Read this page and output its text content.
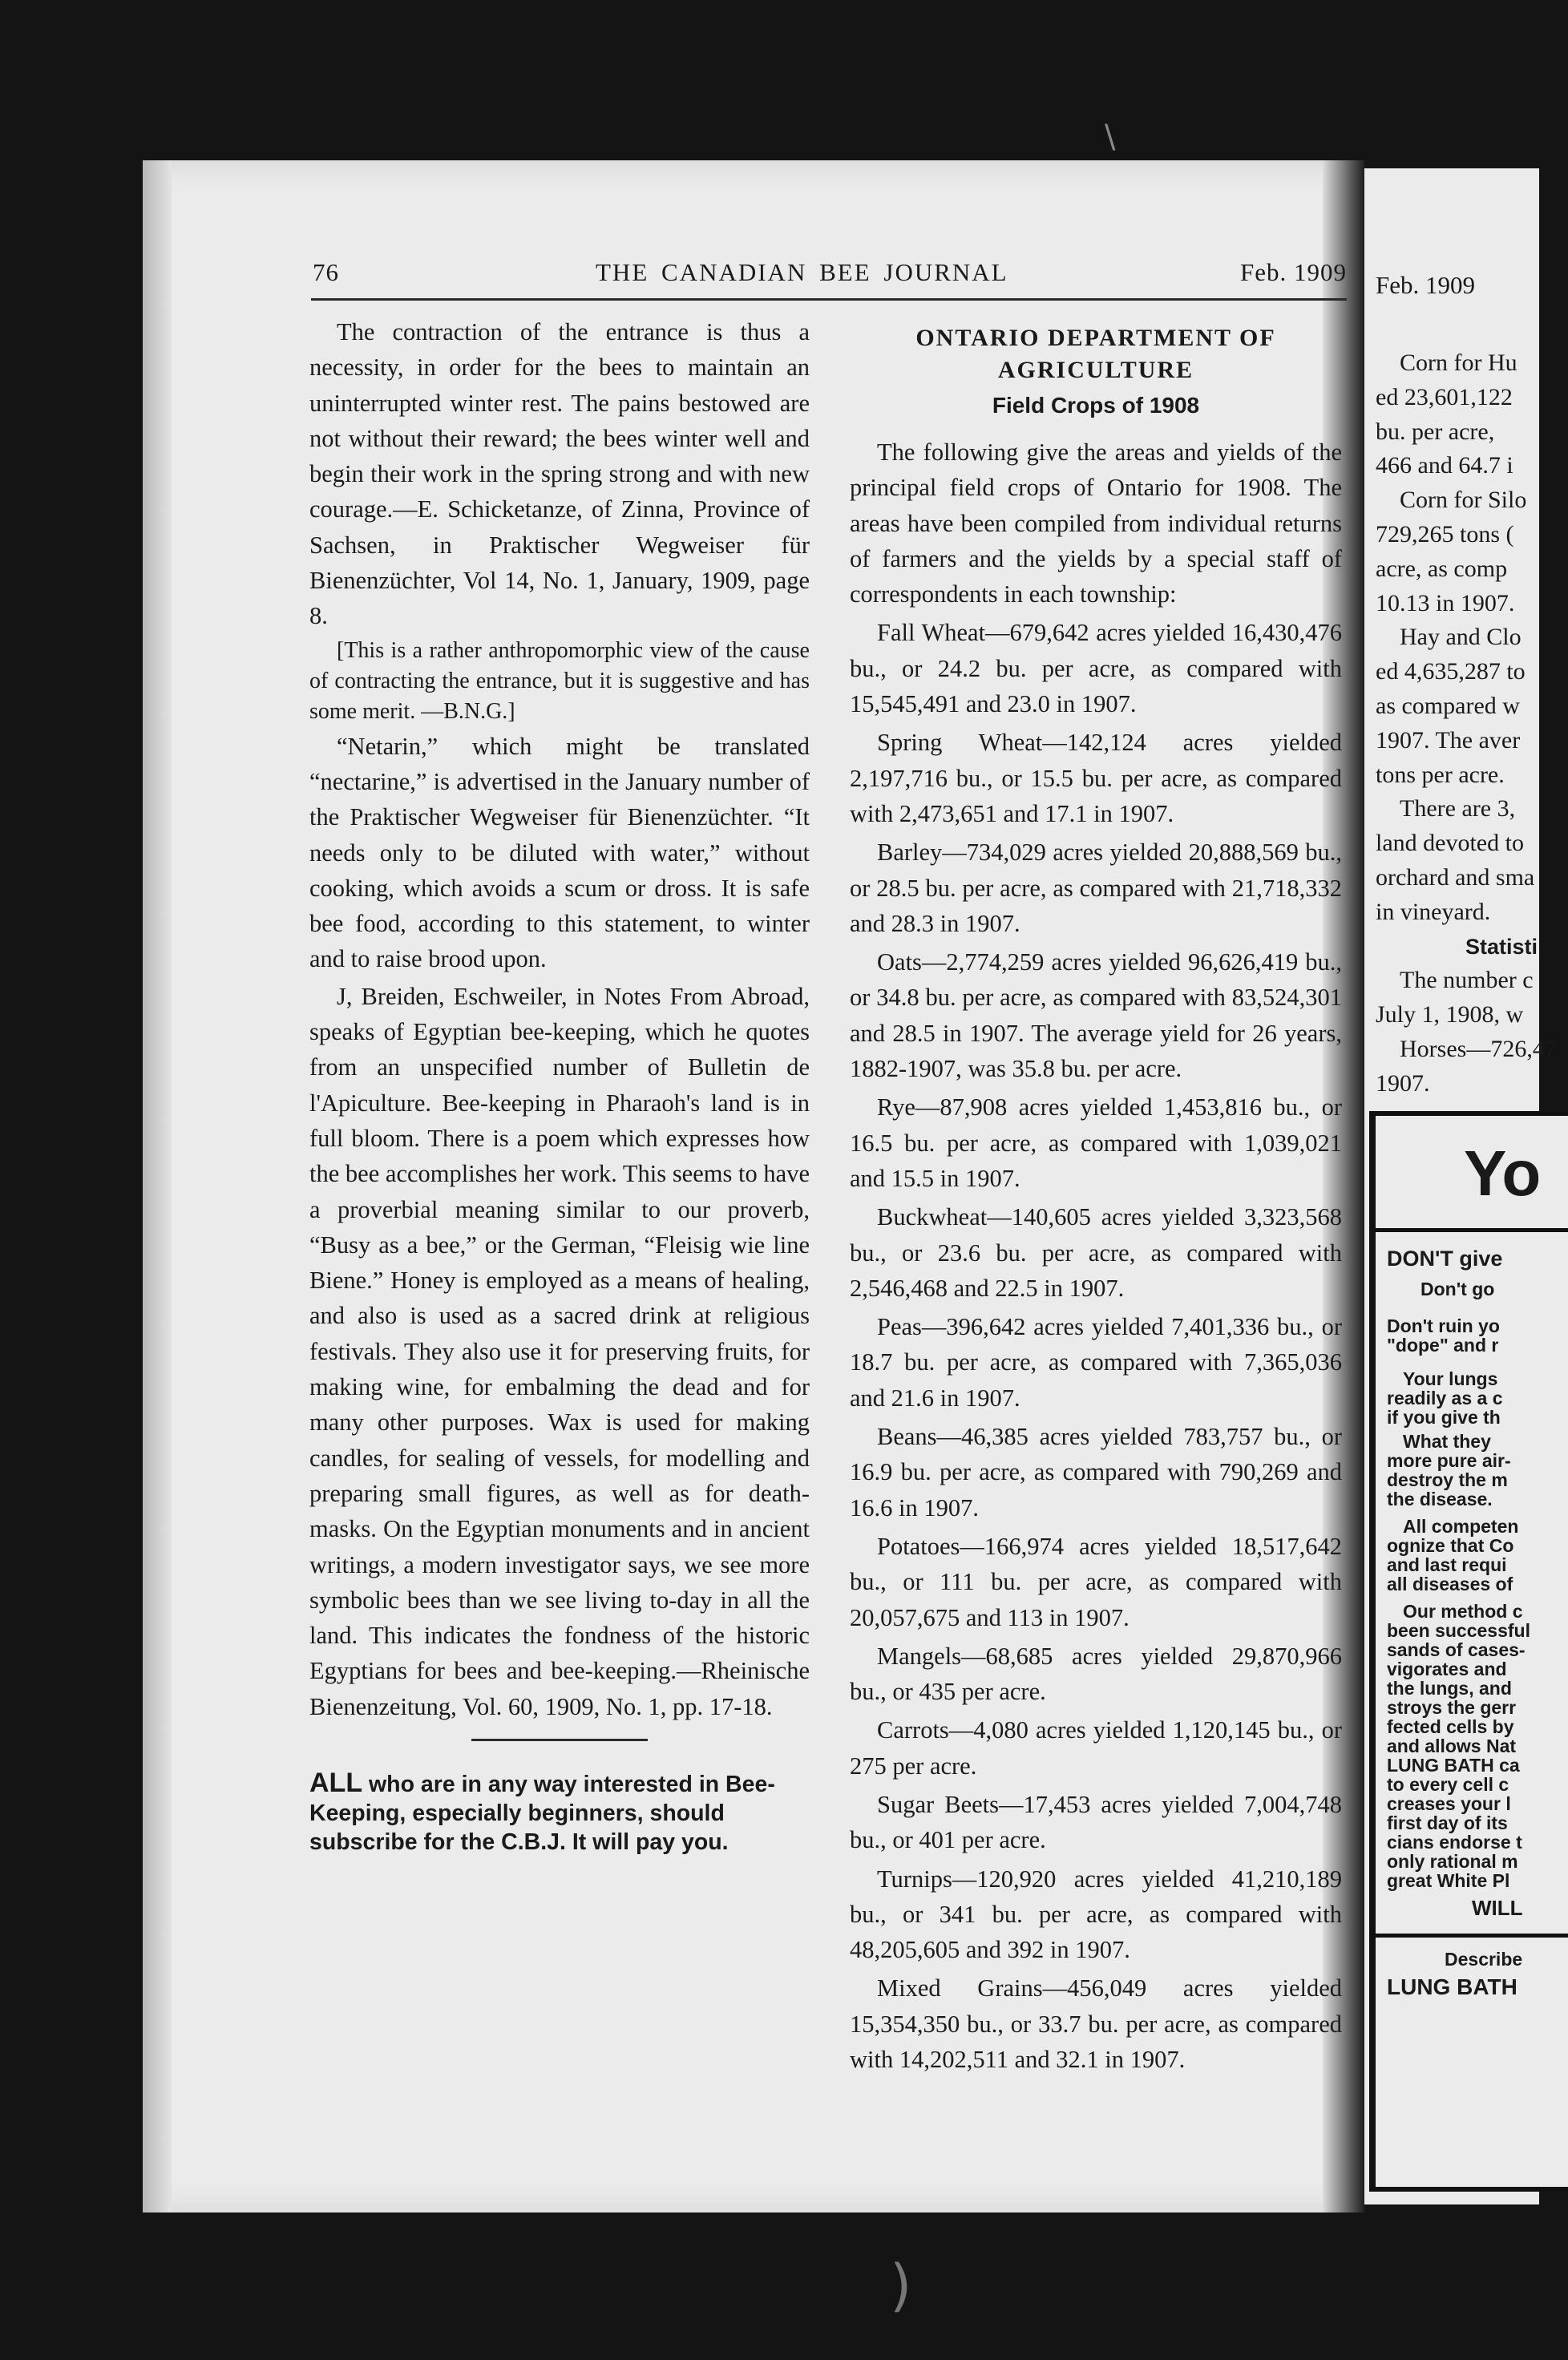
\
)
76	THE CANADIAN BEE JOURNAL	Feb. 1909

The contraction of the entrance is thus a necessity, in order for the bees to maintain an uninterrupted winter rest. The pains bestowed are not without their reward; the bees winter well and begin their work in the spring strong and with new courage.—E. Schicketanze, of Zinna, Province of Sachsen, in Praktischer Wegweiser für Bienenzüchter, Vol 14, No. 1, January, 1909, page 8.

[This is a rather anthropomorphic view of the cause of contracting the entrance, but it is suggestive and has some merit. —B.N.G.]

“Netarin,” which might be translated “nectarine,” is advertised in the January number of the Praktischer Wegweiser für Bienenzüchter. “It needs only to be diluted with water,” without cooking, which avoids a scum or dross. It is safe bee food, according to this statement, to winter and to raise brood upon.

J, Breiden, Eschweiler, in Notes From Abroad, speaks of Egyptian bee-keeping, which he quotes from an unspecified number of Bulletin de l'Apiculture. Bee-keeping in Pharaoh's land is in full bloom. There is a poem which expresses how the bee accomplishes her work. This seems to have a proverbial meaning similar to our proverb, “Busy as a bee,” or the German, “Fleisig wie line Biene.” Honey is employed as a means of healing, and also is used as a sacred drink at religious festivals. They also use it for preserving fruits, for making wine, for embalming the dead and for many other purposes. Wax is used for making candles, for sealing of vessels, for modelling and preparing small figures, as well as for death-masks. On the Egyptian monuments and in ancient writings, a modern investigator says, we see more symbolic bees than we see living to-day in all the land. This indicates the fondness of the historic Egyptians for bees and bee-keeping.—Rheinische Bienenzeitung, Vol. 60, 1909, No. 1, pp. 17-18.

ALL who are in any way interested in Bee-Keeping, especially beginners, should subscribe for the C.B.J. It will pay you.

ONTARIO DEPARTMENT OF AGRICULTURE
Field Crops of 1908

The following give the areas and yields of the principal field crops of Ontario for 1908. The areas have been compiled from individual returns of farmers and the yields by a special staff of correspondents in each township:

Fall Wheat—679,642 acres yielded 16,430,476 bu., or 24.2 bu. per acre, as compared with 15,545,491 and 23.0 in 1907.

Spring Wheat—142,124 acres yielded 2,197,716 bu., or 15.5 bu. per acre, as compared with 2,473,651 and 17.1 in 1907.

Barley—734,029 acres yielded 20,888,569 bu., or 28.5 bu. per acre, as compared with 21,718,332 and 28.3 in 1907.

Oats—2,774,259 acres yielded 96,626,419 bu., or 34.8 bu. per acre, as compared with 83,524,301 and 28.5 in 1907. The average yield for 26 years, 1882-1907, was 35.8 bu. per acre.

Rye—87,908 acres yielded 1,453,816 bu., or 16.5 bu. per acre, as compared with 1,039,021 and 15.5 in 1907.

Buckwheat—140,605 acres yielded 3,323,568 bu., or 23.6 bu. per acre, as compared with 2,546,468 and 22.5 in 1907.

Peas—396,642 acres yielded 7,401,336 bu., or 18.7 bu. per acre, as compared with 7,365,036 and 21.6 in 1907.

Beans—46,385 acres yielded 783,757 bu., or 16.9 bu. per acre, as compared with 790,269 and 16.6 in 1907.

Potatoes—166,974 acres yielded 18,517,642 bu., or 111 bu. per acre, as compared with 20,057,675 and 113 in 1907.

Mangels—68,685 acres yielded 29,870,966 bu., or 435 per acre.

Carrots—4,080 acres yielded 1,120,145 bu., or 275 per acre.

Sugar Beets—17,453 acres yielded 7,004,748 bu., or 401 per acre.

Turnips—120,920 acres yielded 41,210,189 bu., or 341 bu. per acre, as compared with 48,205,605 and 392 in 1907.

Mixed Grains—456,049 acres yielded 15,354,350 bu., or 33.7 bu. per acre, as compared with 14,202,511 and 32.1 in 1907.

Feb. 1909
Corn for Hu
ed 23,601,122
bu. per acre,
466 and 64.7 i
Corn for Silo
729,265 tons (
acre, as comp
10.13 in 1907.
Hay and Clo
ed 4,635,287 to
as compared w
1907. The aver
tons per acre.
There are 3,
land devoted to
orchard and sma
in vineyard.
Statisti
The number c
July 1, 1908, w
Horses—726,47
1907.
Yo
DON'T give
Don't go
Don't ruin yo
"dope" and r
Your lungs
readily as a c
if you give th
What they
more pure air-
destroy the m
the disease.
All competen
ognize that Co
and last requi
all diseases of
Our method c
been successful
sands of cases-
vigorates and
the lungs, and
stroys the gerr
fected cells by
and allows Nat
LUNG BATH ca
to every cell c
creases your l
first day of its
cians endorse t
only rational m
great White Pl
WILL
Describe
LUNG BATH
